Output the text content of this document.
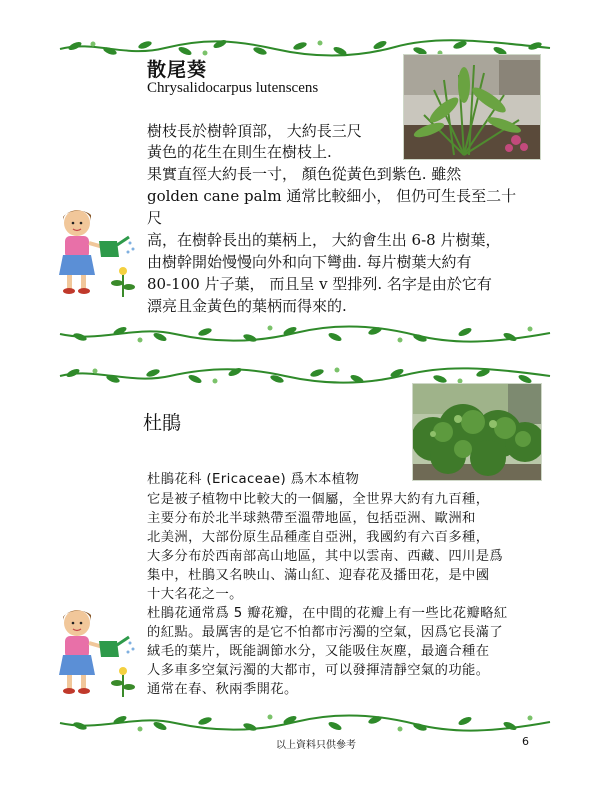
散尾葵
Chrysalidocarpus lutenscens
樹枝長於樹幹頂部， 大約長三尺
黃色的花生在則生在樹枝上.
果實直徑大約長一寸， 顏色從黃色到紫色. 雖然
golden cane palm 通常比較細小， 但仍可生長至二十
尺
高，在樹幹長出的葉柄上， 大約會生出 6-8 片樹葉，
由樹幹開始慢慢向外和向下彎曲. 每片樹葉大約有
80-100 片子葉， 而且呈 v 型排列. 名字是由於它有
漂亮且金黃色的葉柄而得來的.
杜鵑
杜鵑花科 (Ericaceae) 爲木本植物
它是被子植物中比較大的一個屬，全世界大約有九百種，
主要分布於北半球熱帶至溫帶地區，包括亞洲、歐洲和
北美洲，大部份原生品種產自亞洲，我國約有六百多種，
大多分布於西南部高山地區，其中以雲南、西藏、四川是爲
集中，杜鵑又名映山、滿山紅、迎春花及播田花，是中國
十大名花之一。
杜鵑花通常爲 5 瓣花瓣，在中間的花瓣上有一些比花瓣略紅
的紅點。最厲害的是它不怕都市污濁的空氣，因爲它長滿了
絨毛的葉片，既能調節水分，又能吸住灰塵，最適合種在
人多車多空氣污濁的大都市，可以發揮清靜空氣的功能。
通常在春、秋兩季開花。
以上資料只供參考	6
